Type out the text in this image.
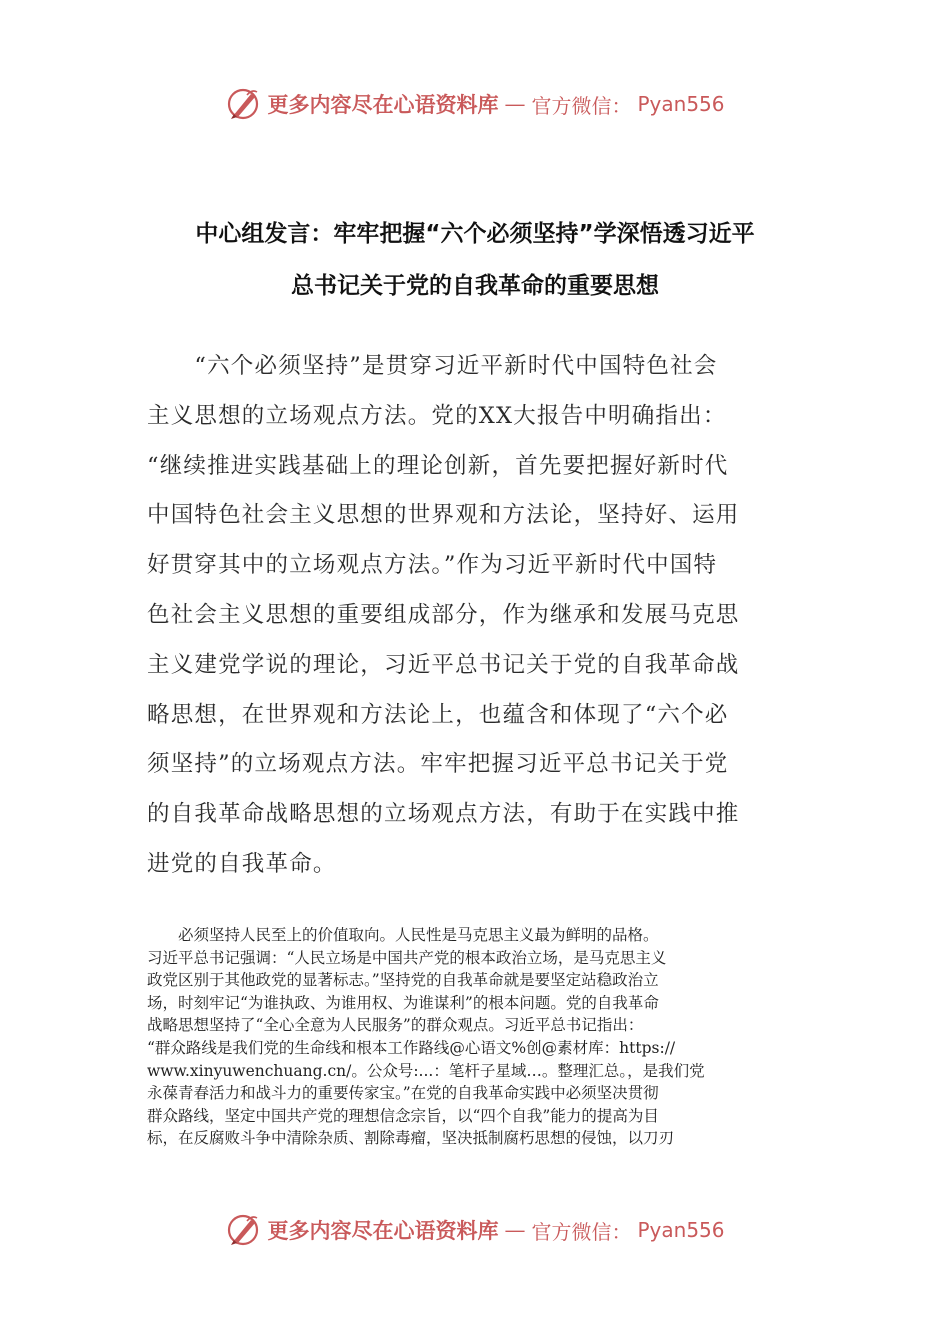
更多内容尽在心语资料库 — 官方微信： Pyan556
中心组发言：牢牢把握“六个必须坚持”学深悟透习近平
总书记关于党的自我革命的重要思想
　　“六个必须坚持”是贯穿习近平新时代中国特色社会
主义思想的立场观点方法。党的XX大报告中明确指出：
“继续推进实践基础上的理论创新，首先要把握好新时代
中国特色社会主义思想的世界观和方法论，坚持好、运用
好贯穿其中的立场观点方法。”作为习近平新时代中国特
色社会主义思想的重要组成部分，作为继承和发展马克思
主义建党学说的理论，习近平总书记关于党的自我革命战
略思想，在世界观和方法论上，也蕴含和体现了“六个必
须坚持”的立场观点方法。牢牢把握习近平总书记关于党
的自我革命战略思想的立场观点方法，有助于在实践中推
进党的自我革命。
　　必须坚持人民至上的价值取向。人民性是马克思主义最为鲜明的品格。
习近平总书记强调：“人民立场是中国共产党的根本政治立场，是马克思主义
政党区别于其他政党的显著标志。”坚持党的自我革命就是要坚定站稳政治立
场，时刻牢记“为谁执政、为谁用权、为谁谋利”的根本问题。党的自我革命
战略思想坚持了“全心全意为人民服务”的群众观点。习近平总书记指出：
“群众路线是我们党的生命线和根本工作路线@心语文%创@素材库：https://
www.xinyuwenchuang.cn/。公众号:...：笔杆子星域…。整理汇总。，是我们党
永葆青春活力和战斗力的重要传家宝。”在党的自我革命实践中必须坚决贯彻
群众路线，坚定中国共产党的理想信念宗旨，以“四个自我”能力的提高为目
标，在反腐败斗争中清除杂质、割除毒瘤，坚决抵制腐朽思想的侵蚀，以刀刃
更多内容尽在心语资料库 — 官方微信： Pyan556
